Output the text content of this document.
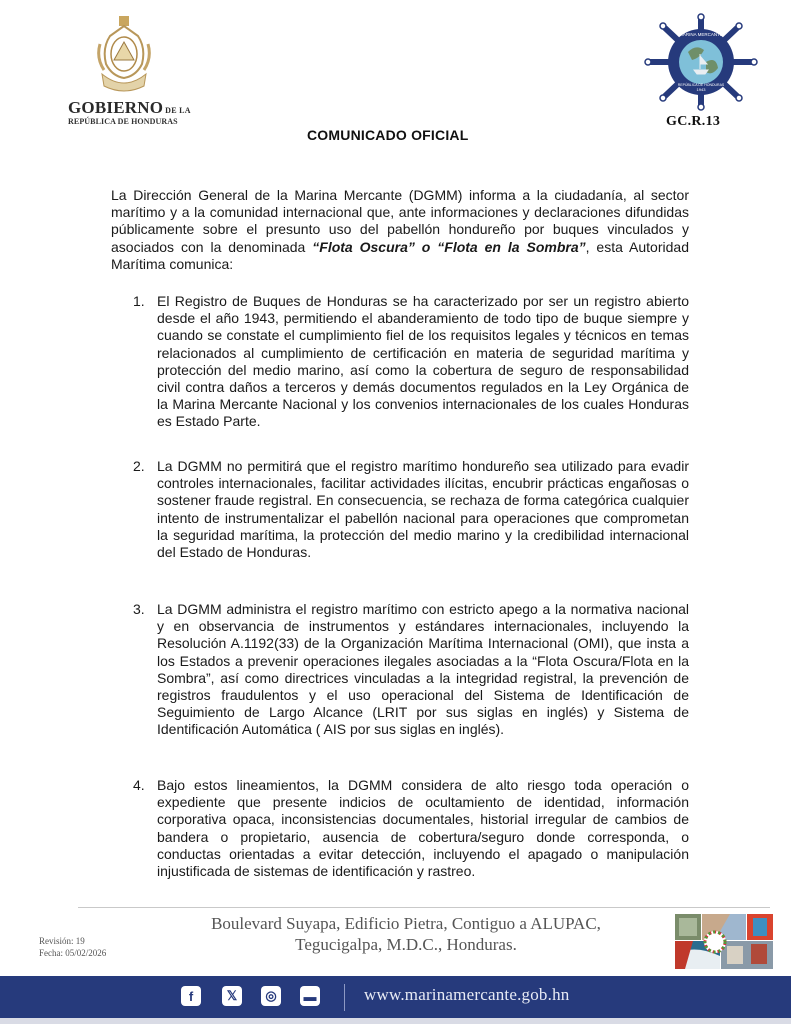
GOBIERNO DE LA
REPÚBLICA DE HONDURAS
MARINA MERCANTE
1943
REPÚBLICA DE HONDURAS
GC.R.13
COMUNICADO OFICIAL
La Dirección General de la Marina Mercante (DGMM) informa a la ciudadanía, al sector marítimo y a la comunidad internacional que, ante informaciones y declaraciones difundidas públicamente sobre el presunto uso del pabellón hondureño por buques vinculados y asociados con la denominada “Flota Oscura” o “Flota en la Sombra”, esta Autoridad Marítima comunica:
1. El Registro de Buques de Honduras se ha caracterizado por ser un registro abierto desde el año 1943, permitiendo el abanderamiento de todo tipo de buque siempre y cuando se constate el cumplimiento fiel de los requisitos legales y técnicos en temas relacionados al cumplimiento de certificación en materia de seguridad marítima y protección del medio marino, así como la cobertura de seguro de responsabilidad civil contra daños a terceros y demás documentos regulados en la Ley Orgánica de la Marina Mercante Nacional y los convenios internacionales de los cuales Honduras es Estado Parte.
2. La DGMM no permitirá que el registro marítimo hondureño sea utilizado para evadir controles internacionales, facilitar actividades ilícitas, encubrir prácticas engañosas o sostener fraude registral. En consecuencia, se rechaza de forma categórica cualquier intento de instrumentalizar el pabellón nacional para operaciones que comprometan la seguridad marítima, la protección del medio marino y la credibilidad internacional del Estado de Honduras.
3. La DGMM administra el registro marítimo con estricto apego a la normativa nacional y en observancia de instrumentos y estándares internacionales, incluyendo la Resolución A.1192(33) de la Organización Marítima Internacional (OMI), que insta a los Estados a prevenir operaciones ilegales asociadas a la “Flota Oscura/Flota en la Sombra”, así como directrices vinculadas a la integridad registral, la prevención de registros fraudulentos y el uso operacional del Sistema de Identificación de Seguimiento de Largo Alcance (LRIT por sus siglas en inglés) y Sistema de Identificación Automática ( AIS por sus siglas en inglés).
4. Bajo estos lineamientos, la DGMM considera de alto riesgo toda operación o expediente que presente indicios de ocultamiento de identidad, información corporativa opaca, inconsistencias documentales, historial irregular de cambios de bandera o propietario, ausencia de cobertura/seguro donde corresponda, o conductas orientadas a evitar detección, incluyendo el apagado o manipulación injustificada de sistemas de identificación y rastreo.
Revisión: 19
Fecha: 05/02/2026
Boulevard Suyapa, Edificio Pietra, Contiguo a ALUPAC,
Tegucigalpa, M.D.C., Honduras.
f	𝕏	◎	▬	www.marinamercante.gob.hn
